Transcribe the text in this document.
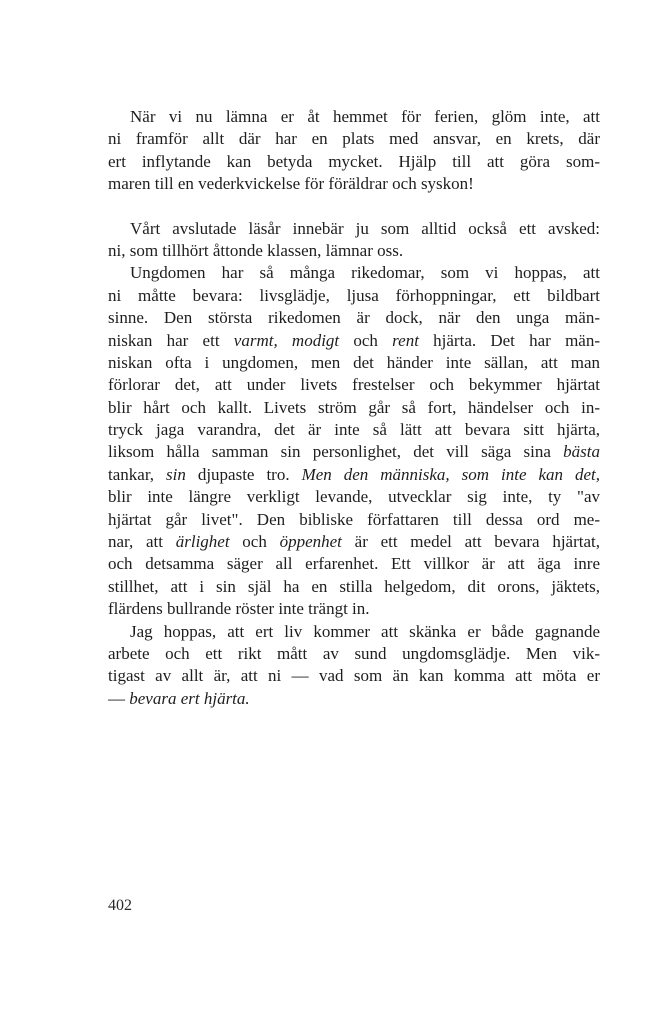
När vi nu lämna er åt hemmet för ferien, glöm inte, att
ni framför allt där har en plats med ansvar, en krets, där
ert inflytande kan betyda mycket. Hjälp till att göra som-
maren till en vederkvickelse för föräldrar och syskon!
Vårt avslutade läsår innebär ju som alltid också ett avsked:
ni, som tillhört åttonde klassen, lämnar oss.
Ungdomen har så många rikedomar, som vi hoppas, att
ni måtte bevara: livsglädje, ljusa förhoppningar, ett bildbart
sinne. Den största rikedomen är dock, när den unga män-
niskan har ett varmt, modigt och rent hjärta. Det har män-
niskan ofta i ungdomen, men det händer inte sällan, att man
förlorar det, att under livets frestelser och bekymmer hjärtat
blir hårt och kallt. Livets ström går så fort, händelser och in-
tryck jaga varandra, det är inte så lätt att bevara sitt hjärta,
liksom hålla samman sin personlighet, det vill säga sina bästa
tankar, sin djupaste tro. Men den människa, som inte kan det,
blir inte längre verkligt levande, utvecklar sig inte, ty "av
hjärtat går livet". Den bibliske författaren till dessa ord me-
nar, att ärlighet och öppenhet är ett medel att bevara hjärtat,
och detsamma säger all erfarenhet. Ett villkor är att äga inre
stillhet, att i sin själ ha en stilla helgedom, dit orons, jäktets,
flärdens bullrande röster inte trängt in.
Jag hoppas, att ert liv kommer att skänka er både gagnande
arbete och ett rikt mått av sund ungdomsglädje. Men vik-
tigast av allt är, att ni — vad som än kan komma att möta er
— bevara ert hjärta.
402
